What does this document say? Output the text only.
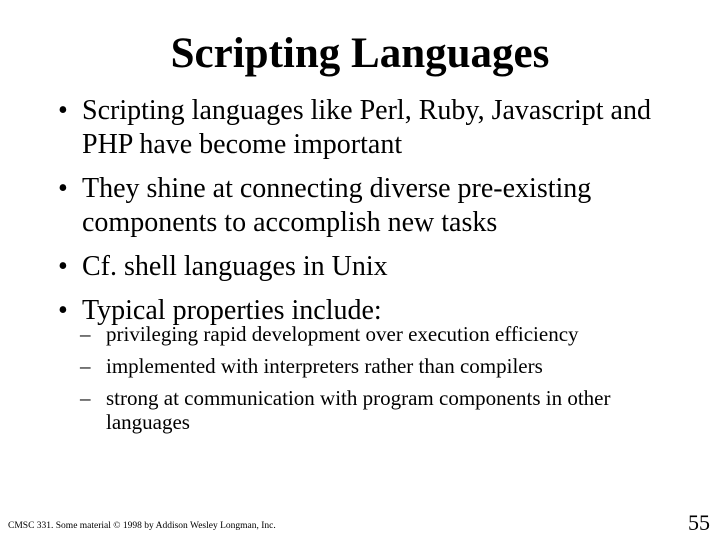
Scripting Languages
• Scripting languages like Perl, Ruby, Javascript and PHP have become important
• They shine at connecting diverse pre-existing components to accomplish new tasks
• Cf. shell languages in Unix
• Typical properties include:
– privileging rapid development over execution efficiency
– implemented with interpreters rather than compilers
– strong at communication with program components in other languages
CMSC 331. Some material © 1998 by Addison Wesley Longman, Inc.	55
